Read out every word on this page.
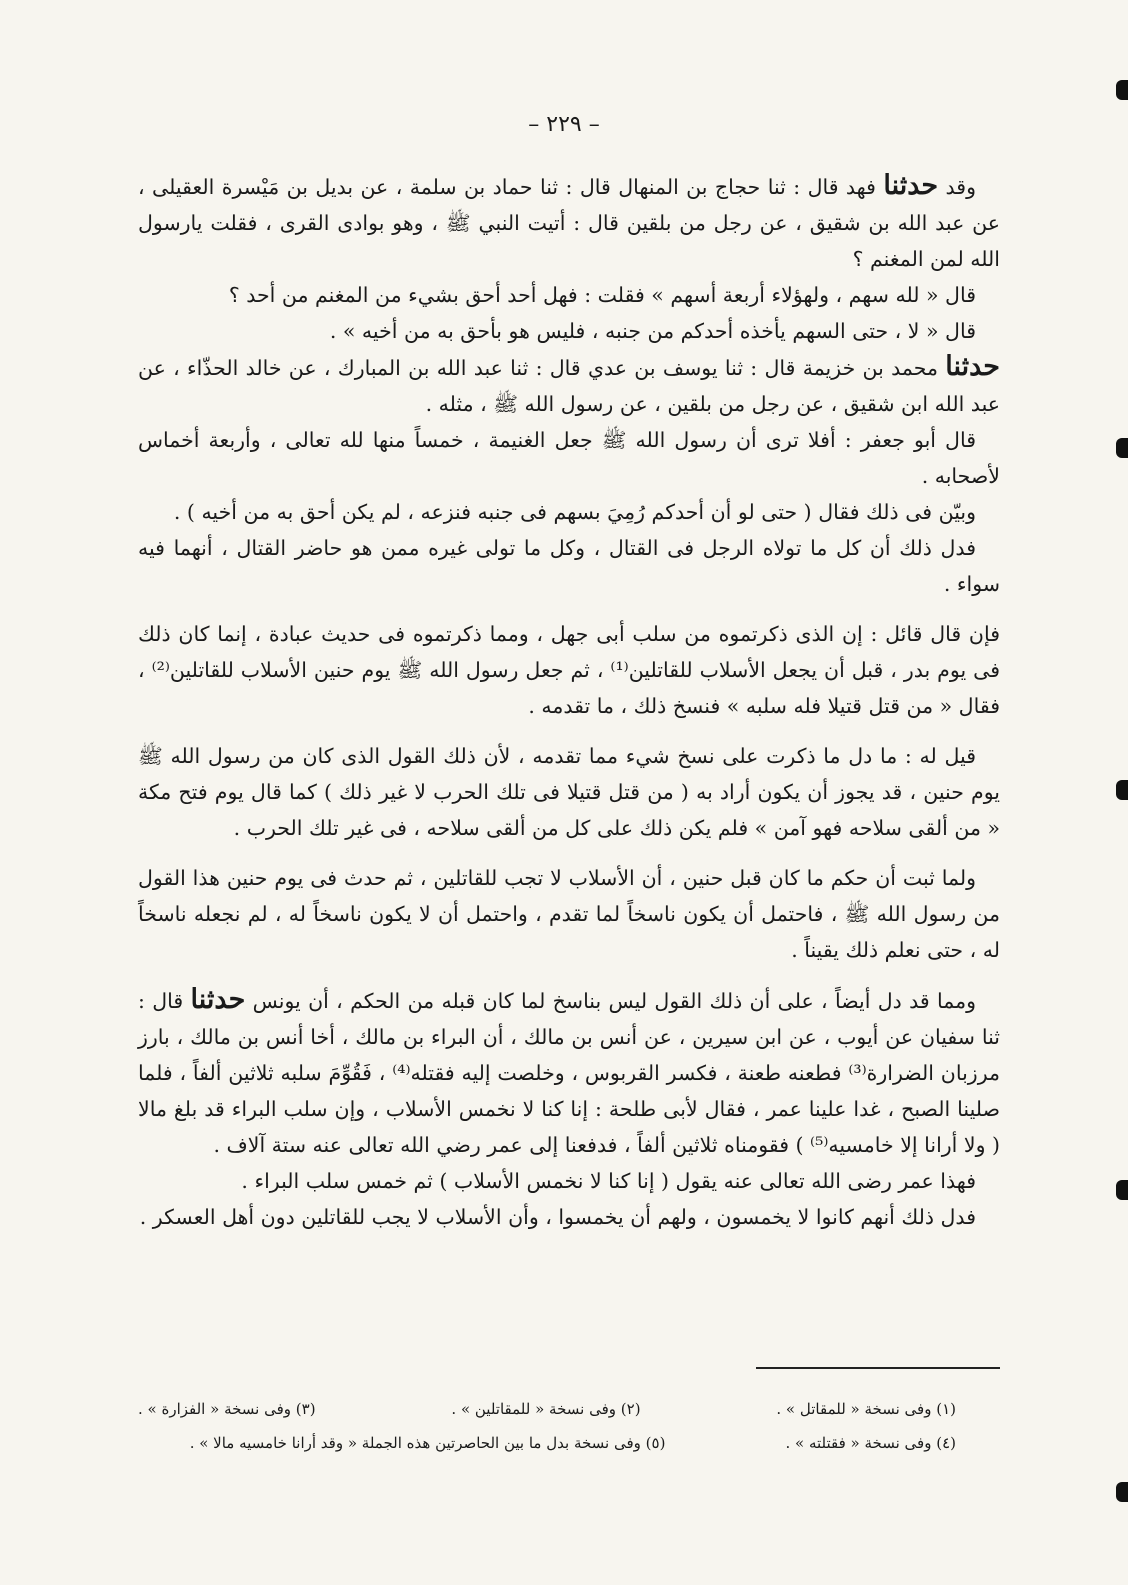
– ٢٢٩ –

وقد حدثنا فهد قال : ثنا حجاج بن المنهال قال : ثنا حماد بن سلمة ، عن بديل بن مَيْسرة العقيلى ، عن عبد الله بن شقيق ، عن رجل من بلقين قال : أتيت النبي ﷺ ، وهو بوادى القرى ، فقلت يارسول الله لمن المغنم ؟

قال « لله سهم ، ولهؤلاء أربعة أسهم » فقلت : فهل أحد أحق بشيء من المغنم من أحد ؟

قال « لا ، حتى السهم يأخذه أحدكم من جنبه ، فليس هو بأحق به من أخيه » .

حدثنا محمد بن خزيمة قال : ثنا يوسف بن عدي قال : ثنا عبد الله بن المبارك ، عن خالد الحذّاء ، عن عبد الله ابن شقيق ، عن رجل من بلقين ، عن رسول الله ﷺ ، مثله .

قال أبو جعفر : أفلا ترى أن رسول الله ﷺ جعل الغنيمة ، خمساً منها لله تعالى ، وأربعة أخماس لأصحابه .

وبيّن فى ذلك فقال ( حتى لو أن أحدكم رُمِيَ بسهم فى جنبه فنزعه ، لم يكن أحق به من أخيه ) .

فدل ذلك أن كل ما تولاه الرجل فى القتال ، وكل ما تولى غيره ممن هو حاضر القتال ، أنهما فيه سواء .

فإن قال قائل : إن الذى ذكرتموه من سلب أبى جهل ، ومما ذكرتموه فى حديث عبادة ، إنما كان ذلك فى يوم بدر ، قبل أن يجعل الأسلاب للقاتلين⁽¹⁾ ، ثم جعل رسول الله ﷺ يوم حنين الأسلاب للقاتلين⁽²⁾ ، فقال « من قتل قتيلا فله سلبه » فنسخ ذلك ، ما تقدمه .

قيل له : ما دل ما ذكرت على نسخ شيء مما تقدمه ، لأن ذلك القول الذى كان من رسول الله ﷺ يوم حنين ، قد يجوز أن يكون أراد به ( من قتل قتيلا فى تلك الحرب لا غير ذلك ) كما قال يوم فتح مكة « من ألقى سلاحه فهو آمن » فلم يكن ذلك على كل من ألقى سلاحه ، فى غير تلك الحرب .

ولما ثبت أن حكم ما كان قبل حنين ، أن الأسلاب لا تجب للقاتلين ، ثم حدث فى يوم حنين هذا القول من رسول الله ﷺ ، فاحتمل أن يكون ناسخاً لما تقدم ، واحتمل أن لا يكون ناسخاً له ، لم نجعله ناسخاً له ، حتى نعلم ذلك يقيناً .

ومما قد دل أيضاً ، على أن ذلك القول ليس بناسخ لما كان قبله من الحكم ، أن يونس حدثنا قال : ثنا سفيان عن أيوب ، عن ابن سيرين ، عن أنس بن مالك ، أن البراء بن مالك ، أخا أنس بن مالك ، بارز مرزبان الضرارة⁽³⁾ فطعنه طعنة ، فكسر القربوس ، وخلصت إليه فقتله⁽⁴⁾ ، فَقُوِّمَ سلبه ثلاثين ألفاً ، فلما صلينا الصبح ، غدا علينا عمر ، فقال لأبى طلحة : إنا كنا لا نخمس الأسلاب ، وإن سلب البراء قد بلغ مالا ( ولا أرانا إلا خامسيه⁽⁵⁾ ) فقومناه ثلاثين ألفاً ، فدفعنا إلى عمر رضي الله تعالى عنه ستة آلاف .

فهذا عمر رضى الله تعالى عنه يقول ( إنا كنا لا نخمس الأسلاب ) ثم خمس سلب البراء .

فدل ذلك أنهم كانوا لا يخمسون ، ولهم أن يخمسوا ، وأن الأسلاب لا يجب للقاتلين دون أهل العسكر .

(١) وفى نسخة « للمقاتل » .
(٢) وفى نسخة « للمقاتلين » .
(٣) وفى نسخة « الفزارة » .
(٤) وفى نسخة « فقتلته » .
(٥) وفى نسخة بدل ما بين الحاصرتين هذه الجملة « وقد أرانا خامسيه مالا » .
